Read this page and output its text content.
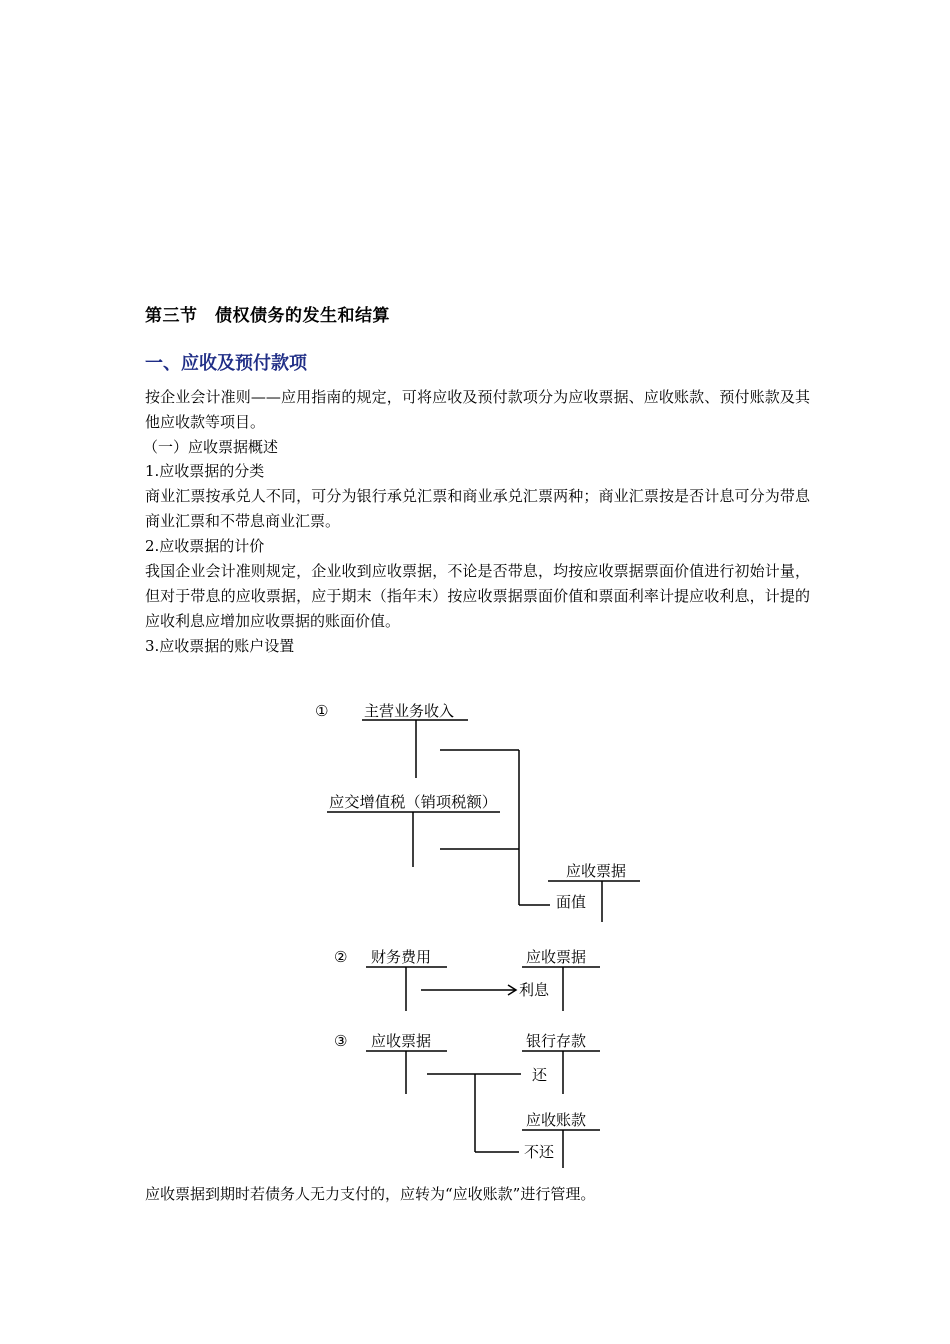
第三节　债权债务的发生和结算
一、应收及预付款项
按企业会计准则——应用指南的规定，可将应收及预付款项分为应收票据、应收账款、预付账款及其他应收款等项目。
（一）应收票据概述
1.应收票据的分类
商业汇票按承兑人不同，可分为银行承兑汇票和商业承兑汇票两种；商业汇票按是否计息可分为带息商业汇票和不带息商业汇票。
2.应收票据的计价
我国企业会计准则规定，企业收到应收票据，不论是否带息，均按应收票据票面价值进行初始计量，但对于带息的应收票据，应于期末（指年末）按应收票据票面价值和票面利率计提应收利息，计提的应收利息应增加应收票据的账面价值。
3.应收票据的账户设置
① 主营业务收入
应交增值税（销项税额）
应收票据
面值
② 财务费用	应收票据
利息
③ 应收票据	银行存款
还
应收账款
不还
应收票据到期时若债务人无力支付的，应转为“应收账款”进行管理。
